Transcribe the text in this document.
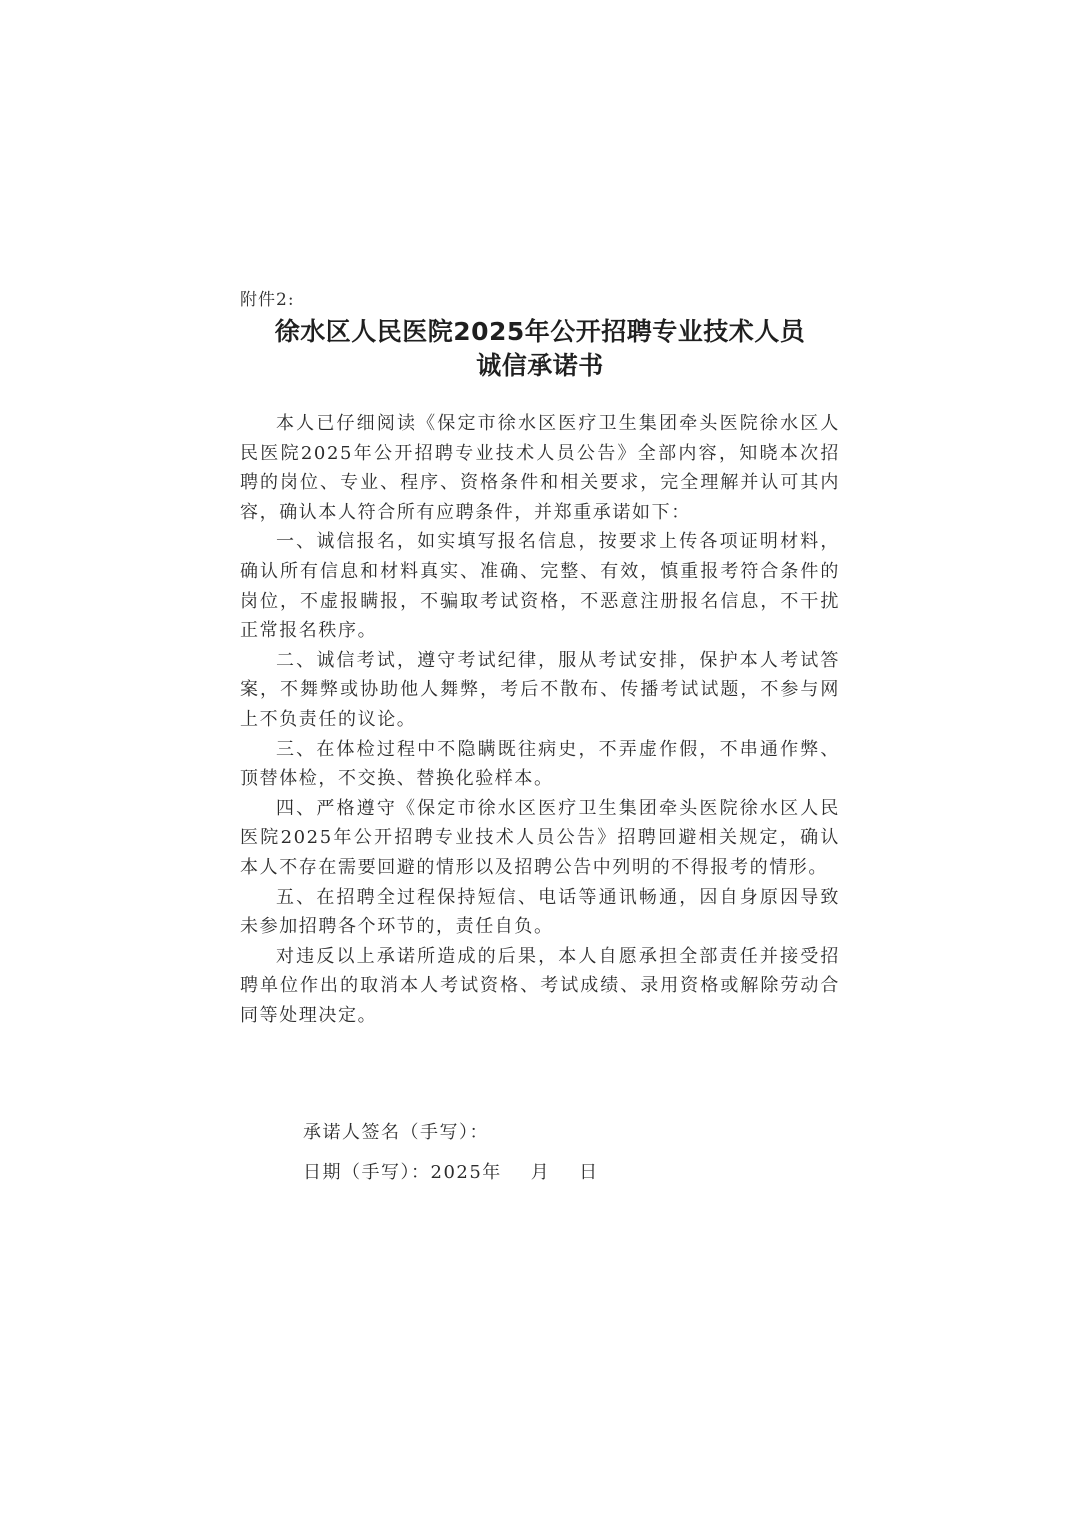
附件2:
徐水区人民医院2025年公开招聘专业技术人员
诚信承诺书

本人已仔细阅读《保定市徐水区医疗卫生集团牵头医院徐水区人民医院2025年公开招聘专业技术人员公告》全部内容，知晓本次招聘的岗位、专业、程序、资格条件和相关要求，完全理解并认可其内容，确认本人符合所有应聘条件，并郑重承诺如下：

一、诚信报名，如实填写报名信息，按要求上传各项证明材料，确认所有信息和材料真实、准确、完整、有效，慎重报考符合条件的岗位，不虚报瞒报，不骗取考试资格，不恶意注册报名信息，不干扰正常报名秩序。

二、诚信考试，遵守考试纪律，服从考试安排，保护本人考试答案，不舞弊或协助他人舞弊，考后不散布、传播考试试题，不参与网上不负责任的议论。

三、在体检过程中不隐瞒既往病史，不弄虚作假，不串通作弊、顶替体检，不交换、替换化验样本。

四、严格遵守《保定市徐水区医疗卫生集团牵头医院徐水区人民医院2025年公开招聘专业技术人员公告》招聘回避相关规定，确认本人不存在需要回避的情形以及招聘公告中列明的不得报考的情形。

五、在招聘全过程保持短信、电话等通讯畅通，因自身原因导致未参加招聘各个环节的，责任自负。

对违反以上承诺所造成的后果，本人自愿承担全部责任并接受招聘单位作出的取消本人考试资格、考试成绩、录用资格或解除劳动合同等处理决定。

承诺人签名（手写）：
日期（手写）：2025年    月    日
